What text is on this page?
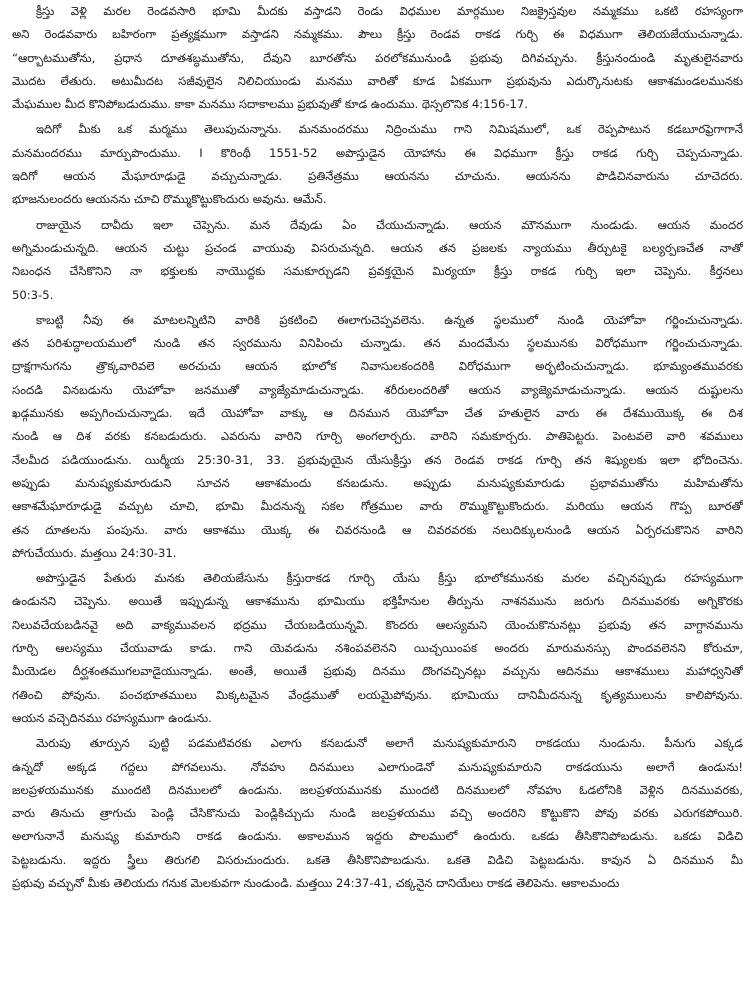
క్రీస్తు వెళ్లి మరల రెండవసారి భూమి మీదకు వస్తాడని రెండు విధముల మార్గముల నిజక్రైస్తవుల నమ్మకము ఒకటి రహస్యంగా
అని రెండవవారు బహిరంగా ప్రత్యక్షముగా వస్తాడని నమ్మకము. పౌలు క్రీస్తు రెండవ రాకడ గుర్చి ఈ విధముగా తెలియజేయుచున్నాడు.
“ఆర్బాటముతోను, ప్రధాన దూతశబ్ధముతోను, దేవుని బూరతోను పరలోకమునుండి ప్రభువు దిగివచ్చును. క్రీస్తునందుండి మృతులైనవారు
మొదట లేతురు. అటుమీదట సజీవులైన నిలిచియుండు మనము వారితో కూడ ఏకముగా ప్రభువును ఎదుర్కొనుటకు ఆకాశమండలమునకు
మేఘముల మీద కొనిపోబడుదుము. కాకా మనము సదాకాలము ప్రభువుతో కూడ ఉందుము. థెస్సలొనిక 4:156-17.
ఇదిగో మీకు ఒక మర్మము తెలుపుచున్నాను. మనమందరము నిద్రించుము గాని నిమిషములో, ఒక రెప్పపాటున కడబూరఫ్రెగాగానే
మనమందరము మార్పుపొందుము. I కొరింథీ 1551-52 అపొస్తుడైన యోహాను ఈ విధముగా క్రీస్తు రాకడ గుర్చి చెప్పచున్నాడు.
ఇదిగో ఆయన మేఘారూఢుడై వచ్చుచున్నాడు. ప్రతినేత్రము ఆయనను చూచును. ఆయనను పొడిచినవారును చూచెదరు.
భూజనులందరు ఆయనను చూచి రొమ్ముకొట్టుకొందురు అవును. ఆమేన్.
రాజుయైన దావీదు ఇలా చెప్పెను. మన దేవుడు ఏం చేయుచున్నాడు. ఆయన మౌనముగా నుండుడు. ఆయన మందర
అగ్నిమండుచున్నది. ఆయన చుట్టు ప్రచండ వాయువు విసరుచున్నది. ఆయన తన ప్రజలకు న్యాయము తీర్చుటకై బల్యర్పణచేత నాతో
నిబంధన చేసికొనిని నా భక్తులకు నాయొద్దకు సమకూర్చుడని ప్రవక్తయైన మిర్యయా క్రీస్తు రాకడ గుర్చి ఇలా చెప్పెను. కీర్తనలు
50:3-5.
కాబట్టి నీవు ఈ మాటలన్నిటిని వారికి ప్రకటించి ఈలాగుచెప్పవలెను. ఉన్నత స్థలములో నుండి యెహోవా గర్జించుచున్నాడు.
తన పరిశుద్ధాలయములో నుండి తన స్వరమును వినిపించు చున్నాడు. తన మందమేను స్థలమునకు విరోధముగా గర్జించుచున్నాడు.
ద్రాక్షగానుగను త్రొక్కవారివలె అరచుచు ఆయన భూలోక నివాసులకందరికి విరోధముగా అర్భటించుచున్నాడు. భూమ్యంతమువరకు
సందడి వినబడును యెహోవా జనముతో వ్యాజ్యేమాడుచున్నాడు. శరీరులందరితో ఆయన వ్యాజ్యెమాడుచున్నాడు. ఆయన దుష్టులను
ఖడ్గమునకు అప్పగించుచున్నాడు. ఇదే యెహోవా వాక్కు ఆ దినమున యెహోవా చేత హతులైన వారు ఈ దేశముయొక్క ఈ దిశ
నుండి ఆ దిశ వరకు కనబడుదురు. ఎవరును వారిని గూర్చి అంగలార్చరు. వారిని సమకూర్చరు. పాతిపెట్టరు. పెంటవలె వారి శవములు
నేలమీద పడియుండును. యిర్మీయ 25:30-31, 33. ప్రభువుయైన యేసుక్రీస్తు తన రెండవ రాకడ గూర్చి తన శిష్యులకు ఇలా భోదించెను.
అప్పుడు మనుష్యకుమారుడుని సూచన ఆకాశమందు కనబడును. అప్పుడు మనుష్యకుమారుడు ప్రభావముతోను మహిమతోను
ఆకాశమేఘారూఢుడై వచ్చుట చూచి, భూమి మీదనున్న సకల గోత్రముల వారు రొమ్ముకొట్టుకొందురు. మరియు ఆయన గొప్ప బూరతో
తన దూతలను పంపును. వారు ఆకాశము యొక్క ఈ చివరనుండి ఆ చివరవరకు నలుదిక్కులనుండి ఆయన ఏర్పరచుకొనిన వారిని
పోగుచేయురు. మత్తయి 24:30-31.
అపొస్తుడైన పేతురు మనకు తెలియజేసును క్రీస్తురాకడ గూర్చి యేసు క్రీస్తు భూలోకమునకు మరల వచ్చినప్పుడు రహస్యముగా
ఉండునని చెప్పెను. అయితే ఇప్పుడున్న ఆకాశమును భూమియు భక్తిహీనుల తీర్పును నాశనమును జరుగు దినమువరకు అగ్నికొరకు
నిలువచేయబడినవై అది వాక్యమువలన భద్రము చేయబడియున్నవి. కొందరు ఆలస్యమని యెంచుకొనునట్లు ప్రభువు తన వాగ్దానమును
గూర్చి ఆలస్యము చేయువాడు కాడు. గాని యెవడును నశింపవలెనని యిచ్చయింపక అందరు మారుమనస్సు పొందవలెనని కోరుచూ,
మీయెడల దీర్ఘశంతముగలవాడైయున్నాడు. అంతే, అయితే ప్రభువు దినము దొంగవచ్చినట్లు వచ్చును ఆదినము ఆకాశములు మహాధ్వనితో
గతించి పోవును. పంచభూతములు మిక్కటమైన వేండ్రముతో లయమైపోవును. భూమియు దానిమీదనున్న కృత్యములును కాలిపోవును.
ఆయన వచ్చెదినము రహస్యముగా ఉండును.
మెరుపు తూర్పున పుట్టి పడమటివరకు ఎలాగు కనబడునో అలాగే మనుష్యకుమారుని రాకడయు నుండును. పీనుగు ఎక్కడ
ఉన్నదో అక్కడ గద్దలు పోగవలును. నోవహు దినములు ఎలాగుండెనో మనుష్యకుమారుని రాకడయును అలాగే ఉండును!
జలప్రళయమునకు ముందటి దినములలో ఉండును. జలప్రళయమునకు ముందటి దినములలో నోవహు ఓడలోనికి వెళ్లిన దినమువరకు,
వారు తినుచు త్రాగుచు పెండ్లి చేసికొనుచు పెండ్లికిచ్చుచు నుండి జలప్రళయము వచ్చి అందరిని కొట్టుకొని పోవు వరకు ఎరుగకపోయిరి.
అలాగునానే మనుష్య కుమారుని రాకడ ఉండును. అకాలమున ఇద్దరు పొలములో ఉందురు. ఒకడు తీసికొనిపోబడును. ఒకడు విడిచి
పెట్టబడును. ఇద్దరు స్త్రీలు తిరుగలి విసరుచుందురు. ఒకతె తీసికొనిపొబడును. ఒకతె విడిచి పెట్టబడును. కావున ఏ దినమున మీ
ప్రభువు వచ్చునో మీకు తెలియదు గనుక మెలకువగా నుండుండి. మత్తయి 24:37-41, చక్కనైన దానియేలు రాకడ తెలిపెను. ఆకాలమందు
